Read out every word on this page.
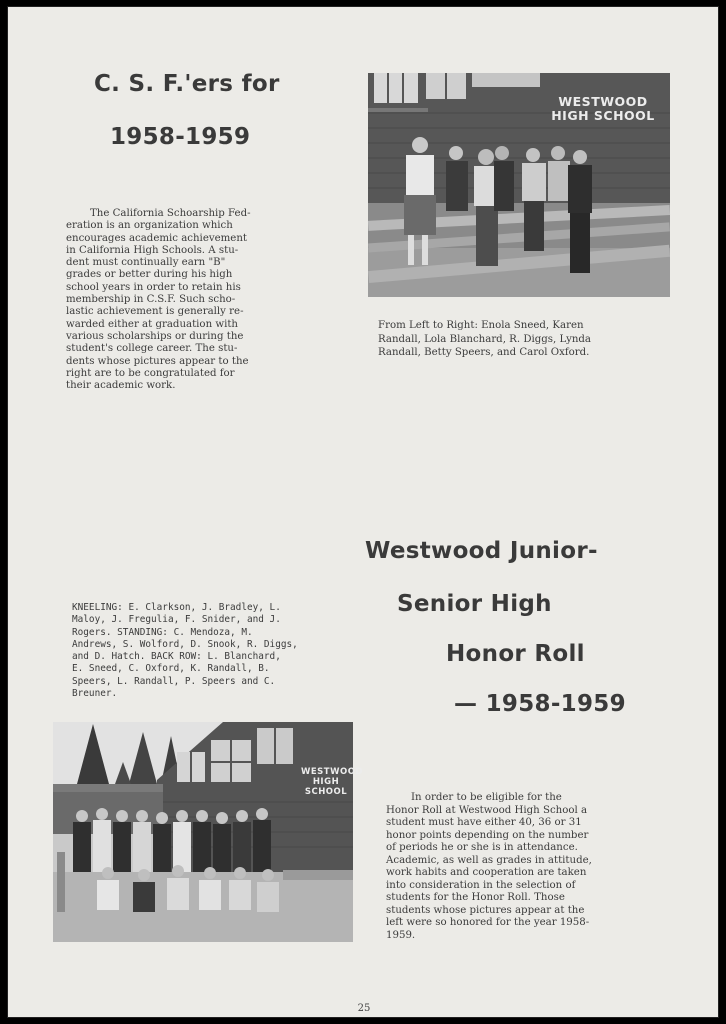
C. S. F.'ers for
1958-1959
The California Schoarship Fed-
eration is an organization which
encourages academic achievement
in California High Schools. A stu-
dent must continually earn "B"
grades or better during his high
school years in order to retain his
membership in C.S.F. Such scho-
lastic achievement is generally re-
warded either at graduation with
various scholarships or during the
student's college career. The stu-
dents whose pictures appear to the
right are to be congratulated for
their academic work.
WESTWOOD HIGH SCHOOL
From Left to Right: Enola Sneed, Karen
Randall, Lola Blanchard, R. Diggs, Lynda
Randall, Betty Speers, and Carol Oxford.
Westwood Junior-
Senior High
Honor Roll
— 1958-1959
KNEELING: E. Clarkson, J. Bradley, L.
Maloy, J. Fregulia, F. Snider, and J.
Rogers. STANDING: C. Mendoza, M.
Andrews, S. Wolford, D. Snook, R. Diggs,
and D. Hatch. BACK ROW: L. Blanchard,
E. Sneed, C. Oxford, K. Randall, B.
Speers, L. Randall, P. Speers and C.
Breuner.
WESTWOOD HIGH SCHOOL
In order to be eligible for the
Honor Roll at Westwood High School a
student must have either 40, 36 or 31
honor points depending on the number
of periods he or she is in attendance.
Academic, as well as grades in attitude,
work habits and cooperation are taken
into consideration in the selection of
students for the Honor Roll. Those
students whose pictures appear at the
left were so honored for the year 1958-
1959.
25
